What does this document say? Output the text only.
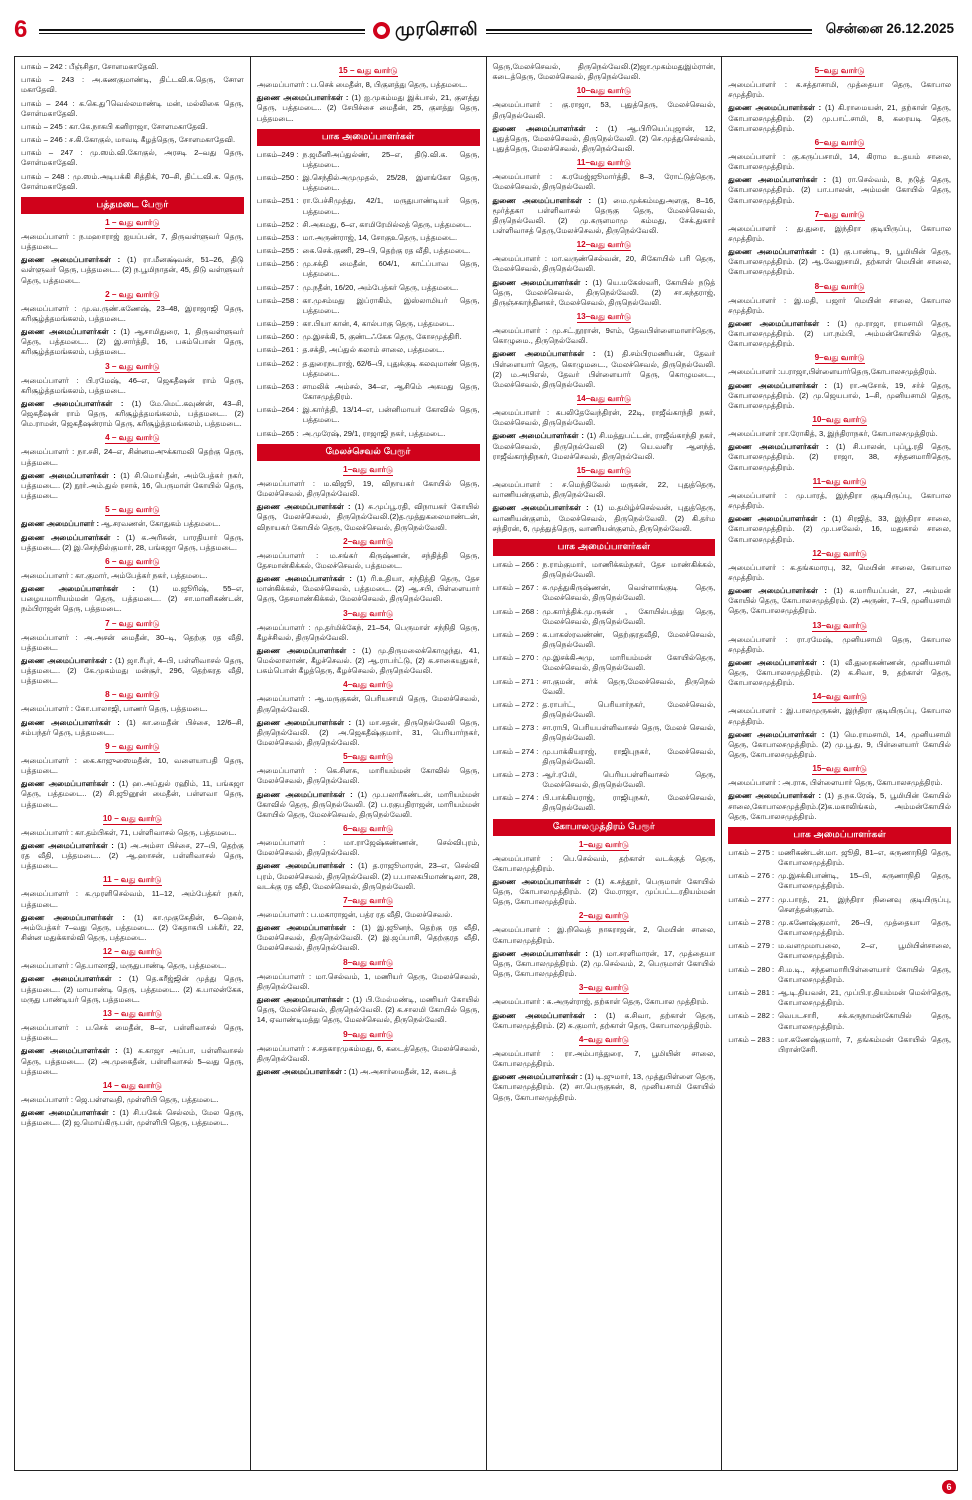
6	முரசொலி	சென்னை 26.12.2025

பாகம் – 242 : பீஞ்சிதா, சோளமகாதேவி.

பாகம் – 243 : அ.கணகுமாண்டி, திட்டவி.க.தெரு, சோள மகாதேவி.

பாகம் – 244 : க.கெ.துிவெல்லமாண்டி மன், மல்லிகை தெரு, சோள்மகாதேவி.

பாகம் – 245 : கா.கே.நாகபி கனிராஜா, சோளமகாதேவி.

பாகம் – 246 : ச.கி.கோகுல், மாவடி கீழத்தெரு, சோளமகாதேவி.

பாகம் – 247 : மு.ஸம்.வி.கோகுல், அரசடி 2–வது தெரு, சோள்மகாதேவி.

பாகம் – 248 : மு.ஸம்.அடிபக்கி சித்திக், 70–சி, திட்டவி.க. தெரு, சோள்மகாதேவி.

பத்தமடை பேரூர்
1 – வது வார்டு

அமைப்பாளர் : ந.மஹாராஜ் ஐயப்பன், 7, திருவள்ளுவர் தெரு, பத்தமடை.

துணை அமைப்பாளர்கள் : (1) ரா.மீனக்ஷ்வன், 51–26, திடு வள்ளுவர் தெரு, பத்தமடை.. (2) ந.பூமிநாதன், 45, திடு வள்ளுவர் தெரு, பத்தமடை.

2 – வது வார்டு

அமைப்பாளர் : மு.வ.ருண்.கணேஷ், 23–48, இராஜாஜி தெரு, கரிசூழ்த்தமங்கலம், பத்தமடை.

துணை அமைப்பாளர்கள் : (1) ஆசாமிதுரை, 1, திருவள்ளுவர் தெரு, பத்தமடை.. (2) இ.சார்த்தி, 16, பசும்பொன் தெரு, கரிசூழ்த்தமங்கலம், பத்தமடை.

3 – வது வார்டு

அமைப்பாளர் : பி.ரமேஷ், 46–எ, ஜெகதீஷன் ராம் தெரு, கரிசூழ்த்தமங்கலம், பத்தமடை.

துணை அமைப்பாளர்கள் : (1) மே.மெட்.கவுண்ன், 43–சி, ஜெகதீஷன் ராம் தெரு, கரிசூழ்த்தமங்கலம், பத்தமடை.. (2) மெ.ராமன், ஜெகதீஷன்ராம் தெரு, கரிசூழ்த்தமங்கலம், பத்தமடை.

4 – வது வார்டு

அமைப்பாளர் : நா.சசி, 24–எ, சின்னமஅுக்காமலி தெற்கு தெரு, பத்தமடை.

துணை அமைப்பாளர்கள் : (1) சி.மொய்தீன், அம்பேத்கர் நகர், பத்தமடை.. (2) நூர்.அம்.துல் ரசாக், 16, பெருமாள் கோயில் தெரு, பத்தமடை.

5 – வது வார்டு

துணை அமைப்பாளர் : ஆ.சரவணன், கோதுகம் பத்தமடை.

துணை அமைப்பாளர்கள் : (1) க.அரிசுன், பாரதியார் தெரு, பத்தமடை.. (2) இ.செந்தில்குமார், 28, பங்கஜா தெரு, பத்தமடை.

6 – வது வார்டு

அமைப்பாளர் : கா.குமார், அம்பேத்கர் நகர், பத்தமடை.

துணை அமைப்பாளர்கள் : (1) ம.ஜூரிஷ், 55–எ, பழையமாரியம்மன் தெரு, பத்தமடை.. (2) சா.மானிகண்டன், நம்பிராஜன் தெரு, பத்தமடை.

7 – வது வார்டு

அமைப்பாளர் : அ.அசன் மைதீன், 30–டி, தெற்கு ரத வீதி, பத்தமடை.

துணை அமைப்பாளர்கள் : (1) ஜா.ரீபுர், 4–பி, பள்ளிவாசல் தெரு, பத்தமடை.. (2) கே.முகம்மது மன்சூர், 296, தெற்கரத வீதி, பத்தமடை.

8 – வது வார்டு

அமைப்பாளர் : கோ.பாலாஜி, பாணர் தெரு, பத்தமடை.

துணை அமைப்பாளர்கள் : (1) கா.மைதீன் பிச்சை, 12/6–சி, சம்பந்தர் தெரு, பத்தமடை..

9 – வது வார்டு

அமைப்பாளர் : கை.காஜுஸைமதீன், 10, வளையாபதி தெரு, பத்தமடை.

துணை அமைப்பாளர்கள் : (1) ஹ.அப்துல் ரஹிம், 11, பங்கஜா தெரு, பத்தமடை.. (2) சி.ஜூனூன் மைதீன், பள்ளவா தெரு, பத்தமடை.

10 – வது வார்டு

அமைப்பாளர் : கா.தம்பிகள், 71, பள்ளிவாசல் தெரு, பத்தமடை.

துணை அமைப்பாளர்கள் : (1) அ.அம்சா பிச்சை, 27–பி, தெற்கு ரத வீதி, பத்தமடை.. (2) ஆ.ஹாசன், பள்ளிவாசல் தெரு, பத்தமடை.

11 – வது வார்டு

அமைப்பாளர் : க.முரளிசெல்வம், 11–12, அம்பேத்கர் நகர், பத்தமடை.

துணை அமைப்பாளர்கள் : (1) கா.முகுகேதின், 6–ஹெச், அம்பேத்கர் 7–வது தெரு, பத்தமடை.. (2) கேதாகபி பக்கீர், 22, சின்ன மதுக்கால்வி தெரு, பத்தமடை.

12 – வது வார்டு

அமைப்பாளர் : தெ.பாலாஜி, மருதுபாண்டி தெரு, பத்தமடை.

துணை அமைப்பாளர்கள் : (1) தெ.கரீஜ்ஜின் முத்து தெரு, பத்தமடை.. (2) மாயாண்டி தெரு, பத்தமடை.. (2) க.பாலன்கேசு, மருது பாண்டியர் தெரு, பத்தமடை.

13 – வது வார்டு

அமைப்பாளர் : ப.செக் மைதீன், 8–எ, பள்ளிவாசல் தெரு, பத்தமடை.

துணை அமைப்பாளர்கள் : (1) க.காஜா அப்பா, பள்ளிவாசல் தெரு, பத்தமடை.. (2) அ.முகைதீன், பள்ளிவாசல் 5–வது தெரு, பத்தமடை.

14 – வது வார்டு

அமைப்பாளர் : ஜெ.பள்ளவதி, முள்ளிபி தெரு, பத்தமடை.

துணை அமைப்பாளர்கள் : (1) சி.பகேக் செல்லம், மேல தெரு, பத்தமடை.. (2) ஜ.மொய்கிரு.பள், முள்ளிபி தெரு, பத்தமடை.

15 – வது வார்டு

அமைப்பாளர் : ப.செக் மைதீன், 8, பிகுளத்து தெரு, பத்தமடை.

துணை அமைப்பாளர்கள் : (1) ஐ.முகம்மது இக்பால், 21, குளத்து தெரு, பத்தமடை.. (2) சேபிச்சை மைதீன், 25, குளத்து தெரு, பத்தமடை.

பாக அமைப்பாளர்கள்

பாகம்–249 : ந.ஜமீனிஅப்துல்ண், 25–எ, திடு.வி.க. தெரு, பத்தமடை.

பாகம்–250 : இ.செந்தில்அமுமுதல், 25/28, இளங்கோ தெரு, பத்தமடை.

பாகம்–251 : ரா.பேச்சிமுத்து, 42/1, மருதுபாண்டியர் தெரு, பத்தமடை.

பாகம்–252 : சி.அசுமது, 6–எ, காமிரேமில்லத் தெரு, பத்தமடை.

பாகம்–253 : மா.அருண்ராஜ், 14, சோகுஉதெரு, பத்தமடை.

பாகம்–255 : கை.செக்.குணி, 29–பி, தெற்கு ரத வீதி, பத்தமடை.

பாகம்–256 : மு.சக்தி மைதீன், 604/1, காட்ப்பாவ தெரு, பத்தமடை.

பாகம்–257 : மு.நதீன், 16/20, அம்பேத்கர் தெரு, பத்தமடை.

பாகம்–258 : கா.முசம்மது இப்ராகிம், இஸ்லாமியர் தெரு, பத்தமடை.

பாகம்–259 : கா.பியா கான், 4, கால்பாகு தெரு, பத்தமடை.

பாகம்–260 : மு.இசக்கி, 5, குண்டஃகேசு தெரு, கோசமுத்திரி.

பாகம்–261 : த.சக்தி, அப்துல் கலாம் சாலை, பத்தமடை.

பாகம்–262 : த.துரைநடராஜ், 62/6–பி, புதுக்குடி கலவுமாண் தெரு, பத்தமடை.

பாகம்–263 : சாமலிக் அம்சல், 34–எ, ஆசிமெ் அசுமது தெரு, கோசமுத்திரம்.

பாகம்–264 : இ.கார்த்தி, 13/14–எ, பன்னிமாயர் கோவில் தெரு, பத்தமடை.

பாகம்–265 : அ.முரேஷ், 29/1, ராஜாஜி நகர், பத்தமடை.

மேலச்செவல் பேரூர்
1–வது வார்டு

அமைப்பாளர் : ம.விஜூ, 19, விநாயகர் கோயில் தெரு, மேலச்செவல், திருநெல்வேலி.

துணை அமைப்பாளர்கள் : (1) சு.முப்பூ.ரதி, விநாயகர் கோயில் தெரு, மேலச்செவல், திருநெல்வேலி.(2)த.முத்துகலைமாண்டன், விநாயகர் கோயில் தெரு, மேலச்செவல், திருநெல்வேலி.

2–வது வார்டு

அமைப்பாளர் : ம.சங்கர் கிருஷ்ணன், சந்தித்தி தெரு, தேசமான்கிக்கல், மேலச்செவல், பத்தமடை.

துணை அமைப்பாளர்கள் : (1) ரி.உதியா, சந்தித்தி தெரு, தேச மான்கிக்கல், மேலச்செவல், பத்தமடை. (2) ஆ.சபி, பிள்ளையார் தெரு, தேசமாண்கிக்கல், மேலச்செவல், திருநெல்வேலி.

3–வது வார்டு

அமைப்பாளர் : மு.தர்மிக்கேந், 21–54, பெருமாள் சந்நிதி தெரு, கீழச்சிவல், திருநெல்வேலி.

துணை அமைப்பாளர்கள் : (1) மு.திருமலைக்கொழுந்து, 41, மெல்லாலாண், கீழச்செவல். (2) ஆ.ராபர்ட்டு, (2) க.சாகையுதுகர், பசும்பொன் கீழத்தெரு, கீழச்செவல், திருநெல்வேலி.

4–வது வார்டு

அமைப்பாளர் : ஆ.மருகுகன், பெரியசாமி தெரு, மேலச்செவல், திருநெல்வேலி.

துணை அமைப்பாளர்கள் : (1) மா.சதன், திருநெல்வேலி தெரு, திருநெல்வேலி. (2) அ.ஜெகதீஷ்குமார், 31, பெரியார்நகர், மேலச்செவல், திருநெல்வேலி.

5–வது வார்டு

அமைப்பாளர் : கெ.சிளசு, மாரியம்மன் கோவில் தெரு, மேலச்செவல், திருநெல்வேலி.

துணை அமைப்பாளர்கள் : (1) மு.பலாரீகண்டன், மாரியம்மன் கோவில் தெரு, திருநெல்வேலி. (2) ப.ரகுபதிராஜன், மாரியம்மன் கோயில் தெரு, மேலச்செவல், திருநெல்வேலி.

6–வது வார்டு

அமைப்பாளர் : மா.ராஜேஷ்கண்ணன், செல்விபுரம், மேலச்செவல், திருநெல்வேலி.

துணை அமைப்பாளர்கள் : (1) த.ராஜூமாரன், 23–எ, செல்வி புரம், மேலச்செவல், திருநெல்வேலி. (2) ப.பாலகபிமாண்டிலா, 28, வடக்கு ரத வீதி, மேலச்செவல், திருநெல்வேலி.

7–வது வார்டு

அமைப்பாளர் : ப.மகாராஜன், பத்ர ரத வீதி, மேலச்செவல்.

துணை அமைப்பாளர்கள் : (1) இ.ஜூனந், தெற்கு ரத வீதி, மேலச்செவல், திருநெல்வேலி. (2) இ.ஜப்பாசி, தெற்குரத வீதி, மேலச்செவல், திருநெல்வேலி.

8–வது வார்டு

அமைப்பாளர் : மா.செல்வம், 1, மணியர் தெரு, மேலச்செவல், திருநெல்வேலி.

துணை அமைப்பாளர்கள் : (1) பி.மேல்மண்டி, மணியர் கோயில் தெரு, மேலச்செவல், திருநெல்வேலி. (2) க.சாலமி கோயில் தெரு, 14, ஏவாண்டிமத்து தெரு, மேலச்செவல், திருநெல்வேலி.

9–வது வார்டு

அமைப்பாளர் : ச.சதகாரமுகம்மது, 6, கடைத்தெரு, மேலச்செவல், திருநெல்வேலி.

துணை அமைப்பாளர்கள் : (1) அ.அசார்மைதீன், 12, கடைத்

தெரு,மேலச்செவல், திருநெல்வேலி.(2)ஜா.முகம்மதுஇம்ரான், கடைத்தெரு, மேலச்செவல், திருநெல்வேலி.

10–வது வார்டு

அமைப்பாளர் : கு.ராஜா, 53, புதுத்தெரு, மேலச்செவல், திருநெல்வேலி.

துணை அமைப்பாளர்கள் : (1) ஆ.பிரியெப்புஜான், 12, புதுத்தெரு, மேலச்செவல், திருநெல்வேலி. (2) செ.முத்துசெல்வம், புதுத்தெரு, மேலச்செவல், திருநெல்வேலி.

11–வது வார்டு

அமைப்பாளர் : க.ரமேஜ்ஜூமார்த்தி, 8–3, ரோட்டுத்தெரு, மேலச்செவல், திருநெல்வேலி.

துணை அமைப்பாளர்கள் : (1) மை.முக்கம்மதுஅளகு, 8–16, மூர்த்தகா பள்ளிவாசல் தெருகு தெரு, மேலச்செவல், திருநெல்வேலி. (2) மு.கருளமாமு கம்மது, சேக்.துகார் பள்ளிவாசத் தெரு,மேலச்செவல், திருநெல்வேலி.

12–வது வார்டு

அமைப்பாளர் : மா.வருண்செல்வன், 20, சிகோயில் பரி தெரு, மேலச்செவல், திருநெல்வேலி.

துணை அமைப்பாளர்கள் : (1) யெ.மகேஸ்வரி, கோயில் நடுத் தெரு, மேலச்செவல், திருநெல்வேலி. (2) சா.கந்தராஜ், திருஞ்சகாந்தினகர், மேலச்செவல், திருநெல்வேலி.

13–வது வார்டு

அமைப்பாளர் : மு.சட்.நூரான், 9எம், தேவபிள்ளைமாளர்தெரு, கொழுமை., திருநெல்வேலி.

துணை அமைப்பாளர்கள் : (1) தி.சம்பிரமணியன், தேவர் பிள்ளையார் தெரு, கொழுமடை., மேலச்செவல், திருநெல்வேலி. (2) ம.அபிஎல், தேவர் பிள்ளையார் தெரு, கொழுமடை., மேலச்செவல், திருநெல்வேலி.

14–வது வார்டு

அமைப்பாளர் : கபலிதேவேந்திரன், 22டி, ராஜீவ்காந்தி நகர், மேலச்செவல், திருநெல்வேலி.

துணை அமைப்பாளர்கள் : (1) சி.மத்துபட்டன், ராஜீவ்காந்தி நகர், மேலச்செவல், திருநெல்வேலி (2) யெ.வளீர ஆனந்த், ராஜீவ்காந்திநகர், மேலச்செவல், திருநெல்வேலி.

15–வது வார்டு

அமைப்பாளர் : ச.மெந்திவேல் மருகன், 22, புதுத்தெரு, வாணியன்குளம், திருநெல்வேலி.

துணை அமைப்பாளர்கள் : (1) ம.தமிழ்ச்செல்வன், புதுத்தெரு, வாணியன்குளம், மேலச்செவல், திருநெல்வேலி. (2) கி.தர்ம சந்திரன், 6, முத்துத்தெரு, வாணியன்குளம், திருநெல்வேலி.

பாக அமைப்பாளர்கள்

பாகம் – 266 : ந.ராம்குமார், மாணிக்கம்நகர், தேச மாண்கிக்கல், திருநெல்வேலி.

பாகம் – 267 : சு.முத்துகிருஷ்ணன், வெள்ளாங்குடி தெரு, மேலச்செவல், திருநெல்வேலி.

பாகம் – 268 : மு.கார்த்திக்.மு.ருகன் , கோயில்பத்து தெரு, மேலச்செவல், திருநெல்வேலி.

பாகம் – 269 : க.பாகஸ்ரவண்ண், தெற்குரதவீதி, மேலச்செவல், திருநெல்வேலி.

பாகம் – 270 : மு.இசக்கிஅமு, மாரியம்மன் கோயில்தெரு, மேலச்செவல், திருநெல்வேலி.

பாகம் – 271 : சா.குமன், சர்க் தெரு,மேலச்செவல், திருநெல் வேலி.

பாகம் – 272 : த.ராபர்ட், பெரியார்நகர், மேலச்செவல், திருநெல்வேலி.

பாகம் – 273 : சா.ராபி, பெரியபள்ளிவாசல் தெரு, மேலச் செவல், திருநெல்வேலி.

பாகம் – 274 : மு.பாக்கியராஜ், ராஜிபுநகர், மேலச்செவல், திருநெல்வேலி.

பாகம் – 273 : ஆர்.ரமேி, பெரியபள்ளிவாசல் தெரு, மேலச்செவல், திருநெல்வேலி.

பாகம் – 274 : பி.பாக்கியராஜ், ராஜிபுநகர், மேலச்செவல், திருநெல்வேலி.

கோபாலமுத்திரம் பேரூர்
1–வது வார்டு

அமைப்பாளர் : பெ.செல்வம், தற்காள் வடக்குத் தெரு, கோபாலமுத்திரம்.

துணை அமைப்பாளர்கள் : (1) க.சத்தூர், பெருமாள் கோயில் தெரு, கோபாலமுத்திரம். (2) மே.ராஜா, முப்பட்ட.ரதியம்மன் தெரு, கோபாலமுத்திரம்.

2–வது வார்டு

அமைப்பாளர் : இ.றிவெத் நாகராஜன், 2, மெயின் சாலை, கோபாலமுத்திரம்.

துணை அமைப்பாளர்கள் : (1) மா.சரளிமாரன், 17, முத்தையா தெரு, கோபாலமுத்திரம். (2) மு.செல்வம், 2, பெருமாள் கோயில் தெரு, கோபாலமுத்திரம்.

3–வது வார்டு

அமைப்பாளர் : க.அருள்ராஜ், தற்காள் தெரு, கோபால முத்திரம்.

துணை அமைப்பாளர்கள் : (1) க.சிவா, தற்காள் தெரு, கோபாலமுத்திரம். (2) சு.குமார், தற்காள் தெரு, கோபாலமுத்திரம்.

4–வது வார்டு

அமைப்பாளர் : ரா.அம்பாத்துரை, 7, பூமியின் சாலை, கோபாலமுத்திரம்.

துணை அமைப்பாளர்கள் : (1) டி.ஜுமார், 13, முத்துபிள்ளை தெரு, கோபாலமுத்திரம். (2) சா.பெருகுகன், 8, முனியசாமி கோயில் தெரு, கோபாலமுத்திரம்.

5–வது வார்டு

அமைப்பாளர் : க.சத்தாசாமி, முத்தையா தெரு, கோபால சமுத்திரம்.

துணை அமைப்பாளர்கள் : (1) கி.ராமையன், 21, தற்காள் தெரு, கோபாலசமுத்திரம். (2) மு.பாட்.சாமி, 8, கரையடி தெரு, கோபாலசமுத்திரம்.

6–வது வார்டு

அமைப்பாளர் : கு.கருப்பசாமி, 14, கிராம உ.தயம் சாலை, கோபாலசமுத்திரம்.

துணை அமைப்பாளர்கள் : (1) ரா.செல்வம், 8, நடுத் தெரு, கோபாலசமுத்திரம். (2) பா.பாலன், அம்மன் கோயில் தெரு, கோபாலசமுத்திரம்.

7–வது வார்டு

அமைப்பாளர் : து.துரை, இந்திரா குடியிருப்பு, கோபால சமுத்திரம்.

துணை அமைப்பாளர்கள் : (1) கு.பாண்டி, 9, பூமியின் தெரு, கோபாலசமுத்திரம். (2) ஆ.வேலுசாமி, தற்காள் மெயின் சாலை, கோபாலசமுத்திரம்.

8–வது வார்டு

அமைப்பாளர் : இ.மதி, பஜார் மெயின் சாலை, கோபால சமுத்திரம்.

துணை அமைப்பாளர்கள் : (1) மு.ராஜா, ராமசாமி தெரு, கோபாலசமுத்திரம். (2) பா.நம்பி, அம்மன்கோயில் தெரு, கோபாலசமுத்திரம்.

9–வது வார்டு

அமைப்பாளர் :ப.ராஜா,பிள்ளையார்தெரு,கோபாலசமுத்திரம்.

துணை அமைப்பாளர்கள் : (1) ரா.அசோக், 19, சர்ச் தெரு, கோபாலசமுத்திரம். (2) மு.ஜெயபால், 1–சி, முனியசாமி தெரு, கோபாலசமுத்திரம்.

10–வது வார்டு

அமைப்பாளர் :ரா.ரோகித், 3, இந்திராநகர், கோபாலசமுத்திரம்.

துணை அமைப்பாளர்கள் : (1) சி.பாலன், புப்பூ.ரதி தெரு, கோபாலசமுத்திரம். (2) ராஜா, 38, சந்தனமாரிதெரு, கோபாலசமுத்திரம்.

11–வது வார்டு

அமைப்பாளர் : மு.பாரத், இந்திரா குடியிருப்பு, கோபால சமுத்திரம்.

துணை அமைப்பாளர்கள் : (1) சிரஜித், 33, இந்திரா சாலை, கோபாலசமுத்திரம். (2) மு.பசவேல், 16, மதுகால் சாலை, கோபாலசமுத்திரம்.

12–வது வார்டு

அமைப்பாளர் : க.தங்கமாரபு, 32, மெயின் சாலை, கோபால சமுத்திரம்.

துணை அமைப்பாளர்கள் : (1) க.மாரியப்பன், 27, அம்மன் கோயில் தெரு, கோபாலசமுத்திரம். (2) அருண், 7–பி, முனியசாமி தெரு, கோபாலசமுத்திரம்.

13–வது வார்டு

அமைப்பாளர் : ரா.ரமேஷ், முனியசாமி தெரு, கோபால சமுத்திரம்.

துணை அமைப்பாளர்கள் : (1) வீ.துரைகண்ணன், முனியசாமி தெரு, கோபாலசமுத்திரம். (2) க.சிவா, 9, தற்காள் தெரு, கோபாலசமுத்திரம்.

14–வது வார்டு

அமைப்பாளர் : இ.பாலமுருகன், இந்திரா குடியிருப்பு, கோபால சமுத்திரம்.

துணை அமைப்பாளர்கள் : (1) மெ.ராமசாமி, 14, முனியசாமி தெரு, கோபாலசமுத்திரம். (2) மு.பூ.து, 9, பிள்ளையார் கோயில் தெரு, கோபாலசமுத்திரம்.

15–வது வார்டு

அமைப்பாளர் : அ.ராசு, பிள்ளையார் தெரு, கோபாலசமுத்திரம்.

துணை அமைப்பாளர்கள் : (1) த.நக.ரேஷ், 5, பூமியின் கோயில் சாலை,கோபாலசமுத்திரம்.(2)க.மகாலிங்கம், அம்மன்கோயில் தெரு, கோபாலசமுத்திரம்.

பாக அமைப்பாளர்கள்

பாகம் – 275 : மணிகண்டன்.மா. ஜூதி, 81–எ, கருணாநிதி தெரு, கோபாலசமுத்திரம்.

பாகம் – 276 : மு.இசக்கிபாண்டி, 15–பி, கருணாநிதி தெரு, கோபாலசமுத்திரம்.

பாகம் – 277 : மு.பாரத், 21, இந்திரா நினைவு குடியிருப்பு, சௌத்தன்குளம்.

பாகம் – 278 : மு.கணேஷ்குமார், 26–பி, முத்தையா தெரு, கோபாலசமுத்திரம்.

பாகம் – 279 : ம.வளமுமாபலை, 2–எ, பூமியின்சாலை, கோபாலசமுத்திரம்.

பாகம் – 280 : சி.ம.டி., சந்தனமாரிபிள்ளையார் கோயில் தெரு, கோபாலசமுத்திரம்.

பாகம் – 281 : ஆ.டி.தியவன், 21, முப்பி.ர.தியம்மன் மெல்ர்தெரு, கோபாலசமுத்திரம்.

பாகம் – 282 : வெபடசாரி, சக்.கருநாமன்கோயில் தெரு, கோபாலசமுத்திரம்.

பாகம் – 283 : மா.கணேஷ்குமார், 7, தங்கம்மன் கோயில் தெரு, பிரான்சேரி.

6
